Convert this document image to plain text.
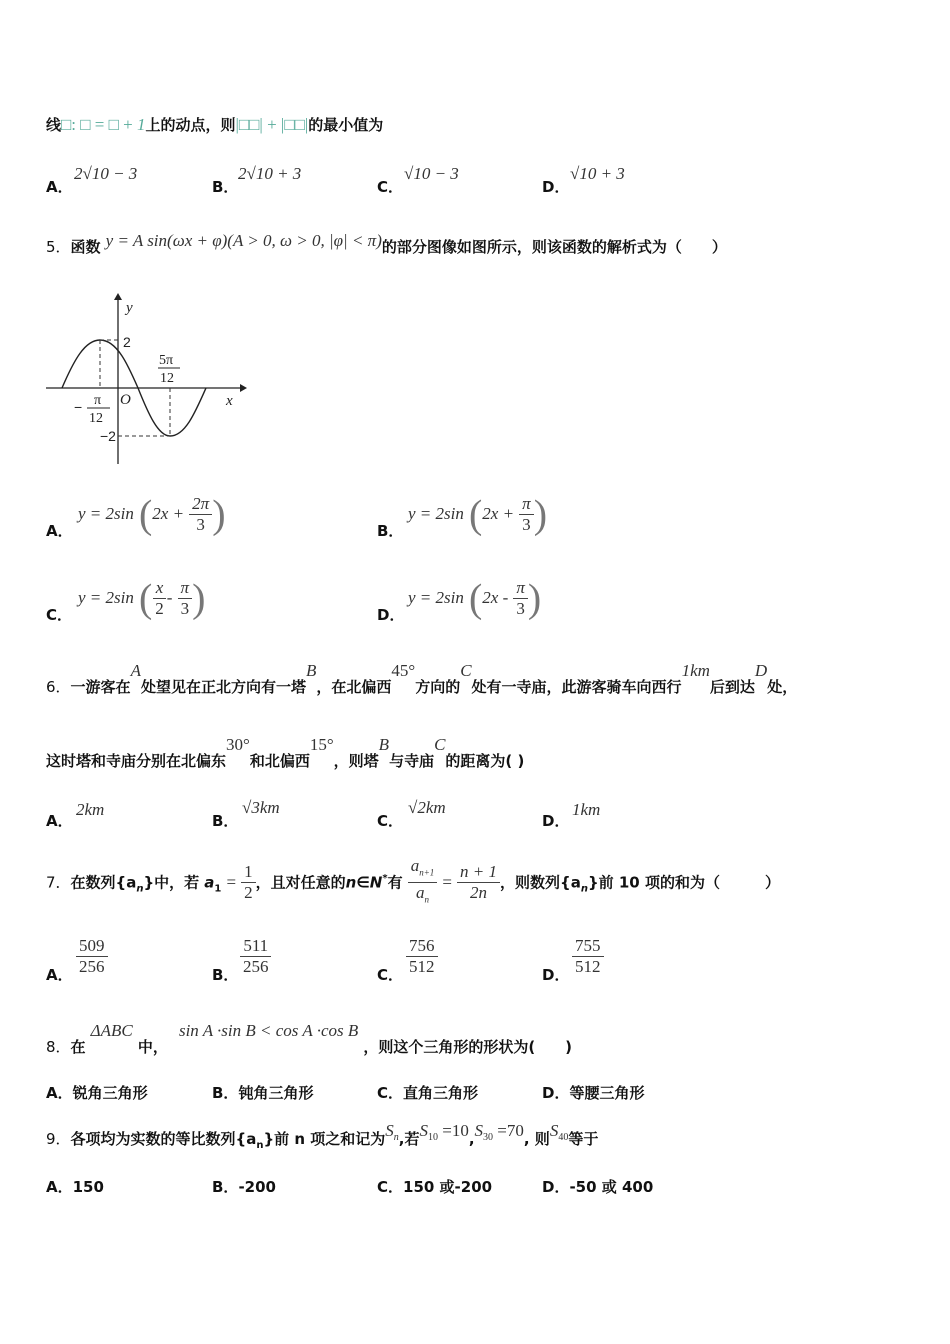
线□: □ = □ + 1上的动点，则|□□| + |□□|的最小值为
A．
2√10 − 3
B．
2√10 + 3
C．
√10 − 3
D．
√10 + 3
5．函数 y = A sin(ωx + φ)(A > 0, ω > 0, |φ| < π)的部分图像如图所示，则该函数的解析式为（　　）
y
x
O
2
−2
5π
12
− π
12
A．
y = 2sin ($2x + \frac{2\pi}{3}$ )	B．
y = 2sin ($2x + \frac{\pi}{3}$ )
C．
y = 2sin ( $\frac{x}{2} - \frac{\pi}{3}$ )	D．
y = 2sin ($2x - \frac{\pi}{3}$ )
6．一游客在A处望见在正北方向有一塔B，在北偏西45°方向的C处有一寺庙，此游客骑车向西行1km后到达D处，
这时塔和寺庙分别在北偏东30°和北偏西15°，则塔B与寺庙C的距离为( )
A．
2km
B．
√3km
C．
√2km
D．
1km
7．在数列$\{a_n\}$中，若 $a_1 = \frac{1}{2}$ ，且对任意的n∈N*有 $\frac{a_{n+1}}{a_n} = \frac{n + 1}{2n}$ ，则数列$\{a_n\}$前 10 项的和为（　　　）
A． $\frac{509}{256}$	B． $\frac{511}{256}$	C． $\frac{756}{512}$	D． $\frac{755}{512}$
8．在 ΔABC 中， sin A ·sin B < cos A ·cos B ，则这个三角形的形状为(　　)
A．锐角三角形	B．钝角三角形	C．直角三角形	D．等腰三角形
9．各项均为实数的等比数列$\{a_n\}$前 n 项之和记为$S_n$,若$S_{10} =10,S_{30} =70$, 则$S_{40}$等于
A．150	B．-200	C．150 或-200	D．-50 或 400
